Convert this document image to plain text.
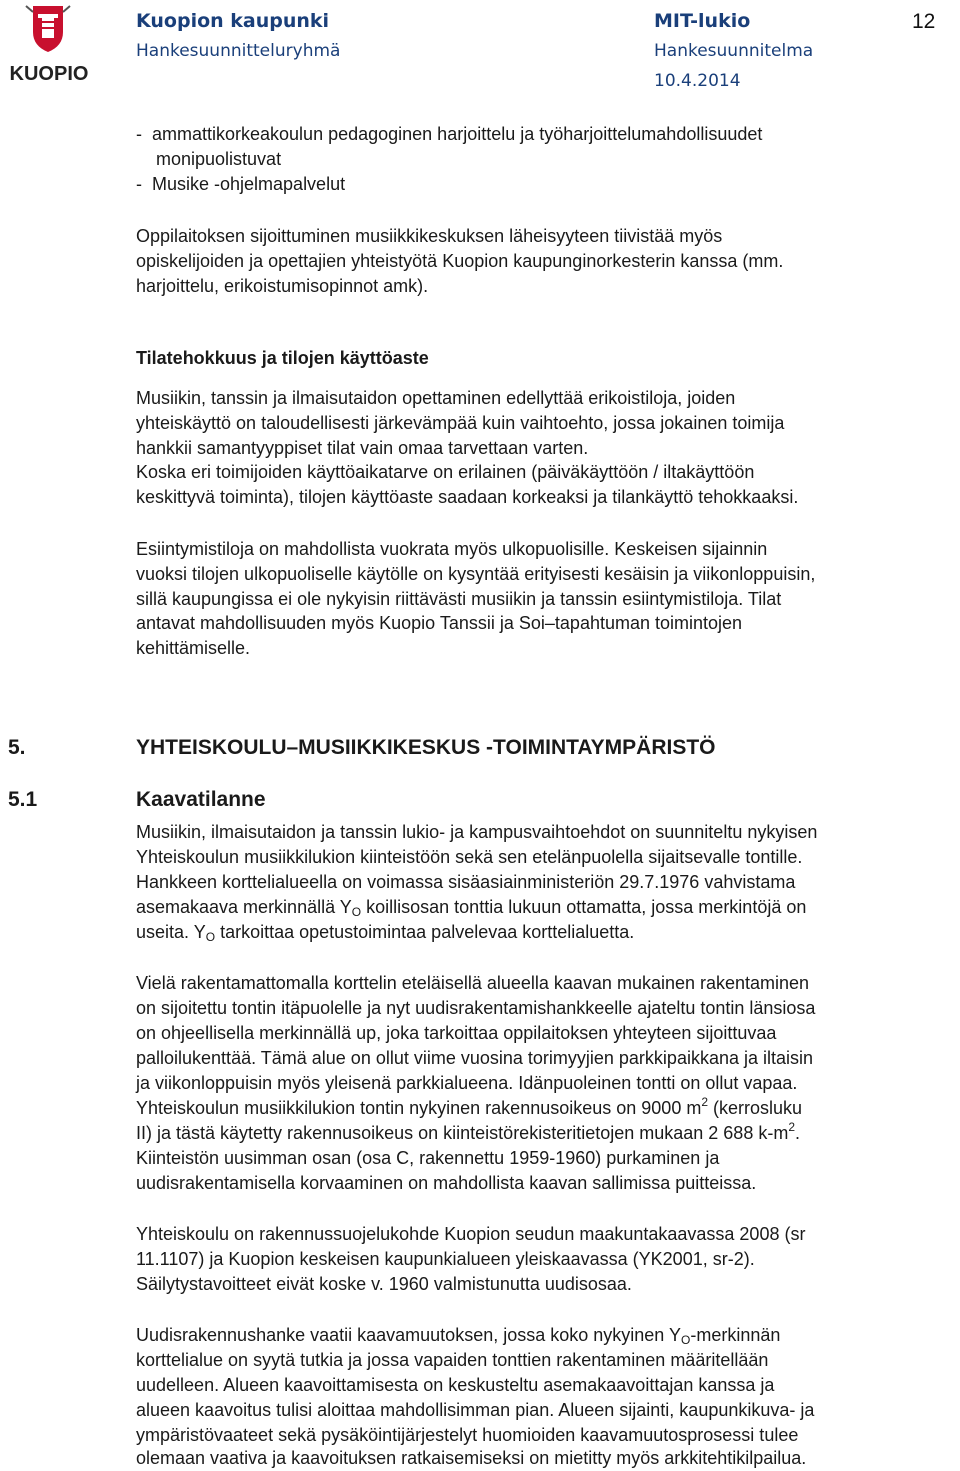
KUOPIO
Kuopion kaupunki
Hankesuunnitteluryhmä
MIT-lukio
Hankesuunnitelma
10.4.2014
12
-  ammattikorkeakoulun pedagoginen harjoittelu ja työharjoittelumahdollisuudet
monipuolistuvat
-  Musike -ohjelmapalvelut
Oppilaitoksen sijoittuminen musiikkikeskuksen läheisyyteen tiivistää myös
opiskelijoiden ja opettajien yhteistyötä Kuopion kaupunginorkesterin kanssa (mm.
harjoittelu, erikoistumisopinnot amk).
Tilatehokkuus ja tilojen käyttöaste
Musiikin, tanssin ja ilmaisutaidon opettaminen edellyttää erikoistiloja, joiden
yhteiskäyttö on taloudellisesti järkevämpää kuin vaihtoehto, jossa jokainen toimija
hankkii samantyyppiset tilat vain omaa tarvettaan varten.
Koska eri toimijoiden käyttöaikatarve on erilainen (päiväkäyttöön / iltakäyttöön
keskittyvä toiminta), tilojen käyttöaste saadaan korkeaksi ja tilankäyttö tehokkaaksi.
Esiintymistiloja on mahdollista vuokrata myös ulkopuolisille. Keskeisen sijainnin
vuoksi tilojen ulkopuoliselle käytölle on kysyntää erityisesti kesäisin ja viikonloppuisin,
sillä kaupungissa ei ole nykyisin riittävästi musiikin ja tanssin esiintymistiloja. Tilat
antavat mahdollisuuden myös Kuopio Tanssii ja Soi–tapahtuman toimintojen
kehittämiselle.
5.	YHTEISKOULU–MUSIIKKIKESKUS -TOIMINTAYMPÄRISTÖ
5.1	Kaavatilanne
Musiikin, ilmaisutaidon ja tanssin lukio- ja kampusvaihtoehdot on suunniteltu nykyisen
Yhteiskoulun musiikkilukion kiinteistöön sekä sen etelänpuolella sijaitsevalle tontille.
Hankkeen korttelialueella on voimassa sisäasiainministeriön 29.7.1976 vahvistama
asemakaava merkinnällä $Y_O$ koillisosan tonttia lukuun ottamatta, jossa merkintöjä on
useita. $Y_O$ tarkoittaa opetustoimintaa palvelevaa korttelialuetta.
Vielä rakentamattomalla korttelin eteläisellä alueella kaavan mukainen rakentaminen
on sijoitettu tontin itäpuolelle ja nyt uudisrakentamishankkeelle ajateltu tontin länsiosa
on ohjeellisella merkinnällä up, joka tarkoittaa oppilaitoksen yhteyteen sijoittuvaa
palloilukenttää. Tämä alue on ollut viime vuosina torimyyjien parkkipaikkana ja iltaisin
ja viikonloppuisin myös yleisenä parkkialueena. Idänpuoleinen tontti on ollut vapaa.
Yhteiskoulun musiikkilukion tontin nykyinen rakennusoikeus on 9000 $m^2$ (kerrosluku
II) ja tästä käytetty rakennusoikeus on kiinteistörekisteritietojen mukaan 2 688 $k-m^2$.
Kiinteistön uusimman osan (osa C, rakennettu 1959-1960) purkaminen ja
uudisrakentamisella korvaaminen on mahdollista kaavan sallimissa puitteissa.
Yhteiskoulu on rakennussuojelukohde Kuopion seudun maakuntakaavassa 2008 (sr
11.1107) ja Kuopion keskeisen kaupunkialueen yleiskaavassa (YK2001, sr-2).
Säilytystavoitteet eivät koske v. 1960 valmistunutta uudisosaa.
Uudisrakennushanke vaatii kaavamuutoksen, jossa koko nykyinen $Y_O$-merkinnän
korttelialue on syytä tutkia ja jossa vapaiden tonttien rakentaminen määritellään
uudelleen. Alueen kaavoittamisesta on keskusteltu asemakaavoittajan kanssa ja
alueen kaavoitus tulisi aloittaa mahdollisimman pian. Alueen sijainti, kaupunkikuva- ja
ympäristövaateet sekä pysäköintijärjestelyt huomioiden kaavamuutosprosessi tulee
olemaan vaativa ja kaavoituksen ratkaisemiseksi on mietitty myös arkkitehtikilpailua.
